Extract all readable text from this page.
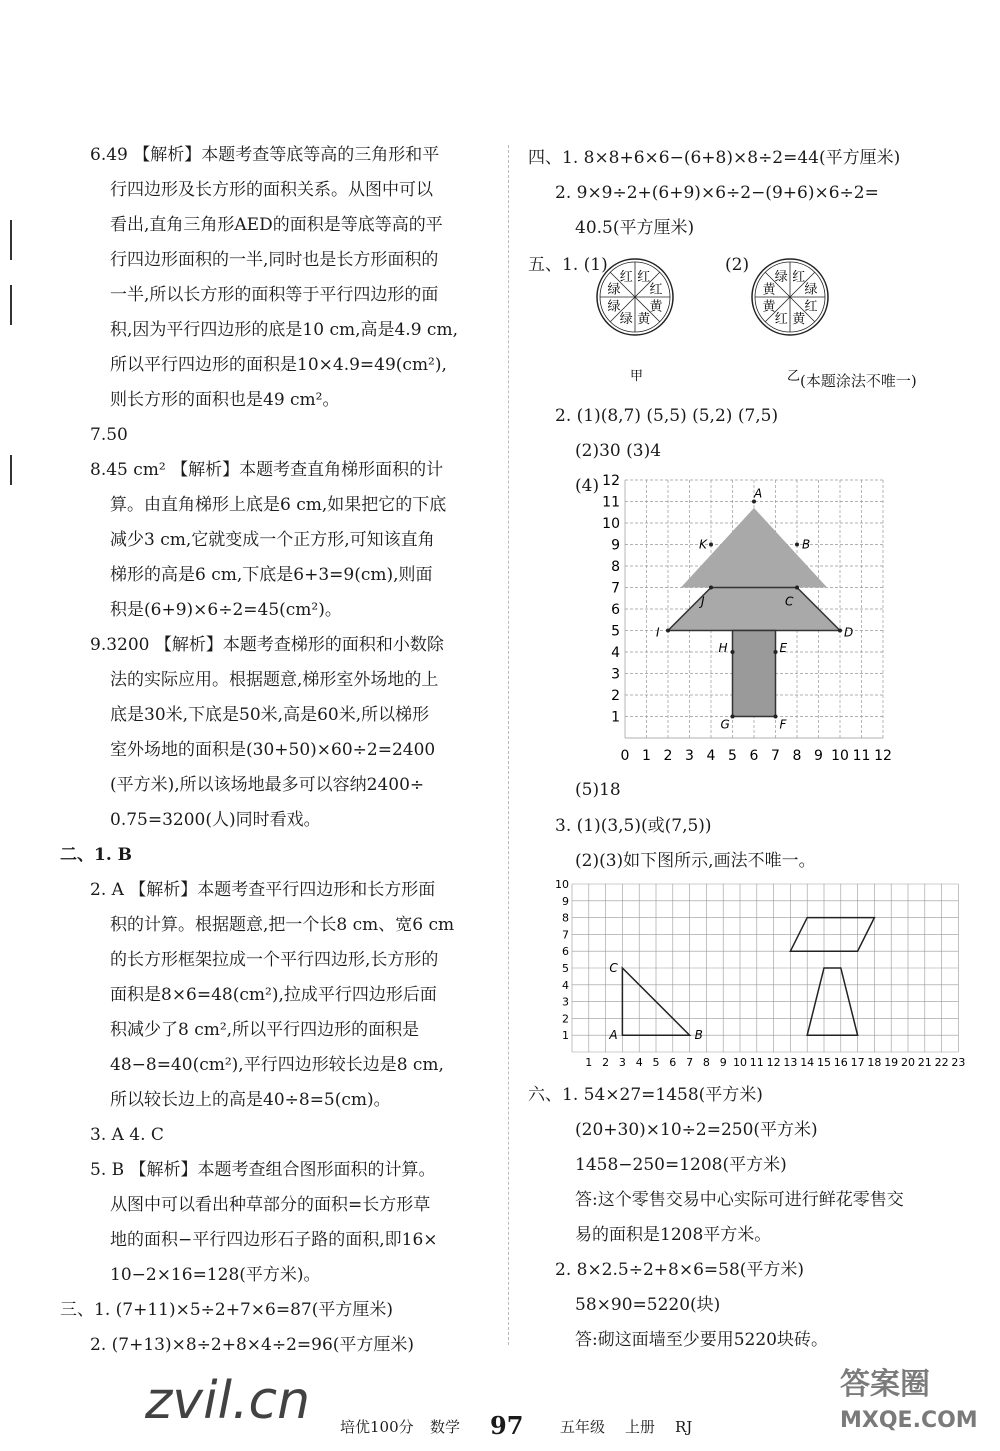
6.49 【解析】本题考查等底等高的三角形和平
行四边形及长方形的面积关系。从图中可以
看出,直角三角形AED的面积是等底等高的平
行四边形面积的一半,同时也是长方形面积的
一半,所以长方形的面积等于平行四边形的面
积,因为平行四边形的底是10 cm,高是4.9 cm,
所以平行四边形的面积是10×4.9=49(cm²),
则长方形的面积也是49 cm²。
7.50
8.45 cm² 【解析】本题考查直角梯形面积的计
算。由直角梯形上底是6 cm,如果把它的下底
减少3 cm,它就变成一个正方形,可知该直角
梯形的高是6 cm,下底是6+3=9(cm),则面
积是(6+9)×6÷2=45(cm²)。
9.3200 【解析】本题考查梯形的面积和小数除
法的实际应用。根据题意,梯形室外场地的上
底是30米,下底是50米,高是60米,所以梯形
室外场地的面积是(30+50)×60÷2=2400
(平方米),所以该场地最多可以容纳2400÷
0.75=3200(人)同时看戏。
二、1. B
2. A 【解析】本题考查平行四边形和长方形面
积的计算。根据题意,把一个长8 cm、宽6 cm
的长方形框架拉成一个平行四边形,长方形的
面积是8×6=48(cm²),拉成平行四边形后面
积减少了8 cm²,所以平行四边形的面积是
48−8=40(cm²),平行四边形较长边是8 cm,
所以较长边上的高是40÷8=5(cm)。
3. A 4. C
5. B 【解析】本题考查组合图形面积的计算。
从图中可以看出种草部分的面积=长方形草
地的面积−平行四边形石子路的面积,即16×
10−2×16=128(平方米)。
三、1. (7+11)×5÷2+7×6=87(平方厘米)
2. (7+13)×8÷2+8×4÷2=96(平方厘米)
四、1. 8×8+6×6−(6+8)×8÷2=44(平方厘米)
2. 9×9÷2+(6+9)×6÷2−(9+6)×6÷2=
40.5(平方厘米)
五、1. (1)	(2)
红
红
黄
黄
绿
绿
绿
红	红
绿
红
黄
红
黄
黄
绿
甲	乙 (本题涂法不唯一)
2. (1)(8,7) (5,5) (5,2) (7,5)
(2)30 (3)4
(4)
0 1 2 3 4 5 6 7 8 9 10 11 12
1
2
3
4
5
6
7
8
9
10
11
12
A
K	B
J	C
I	D
H	E
G	F
(5)18
3. (1)(3,5)(或(7,5))
(2)(3)如下图所示,画法不唯一。
1 2 3 4 5 6 7 8 9 10 11 12 13 14 15 16 17 18 19 20 21 22 23
1
2
3
4
5
6
7
8
9
10
C
A	B
六、1. 54×27=1458(平方米)
(20+30)×10÷2=250(平方米)
1458−250=1208(平方米)
答:这个零售交易中心实际可进行鲜花零售交
易的面积是1208平方米。
2. 8×2.5÷2+8×6=58(平方米)
58×90=5220(块)
答:砌这面墙至少要用5220块砖。
培优100分 数学 97 五年级 上册 RJ
zvil.cn	答案圈
MXQE.COM
